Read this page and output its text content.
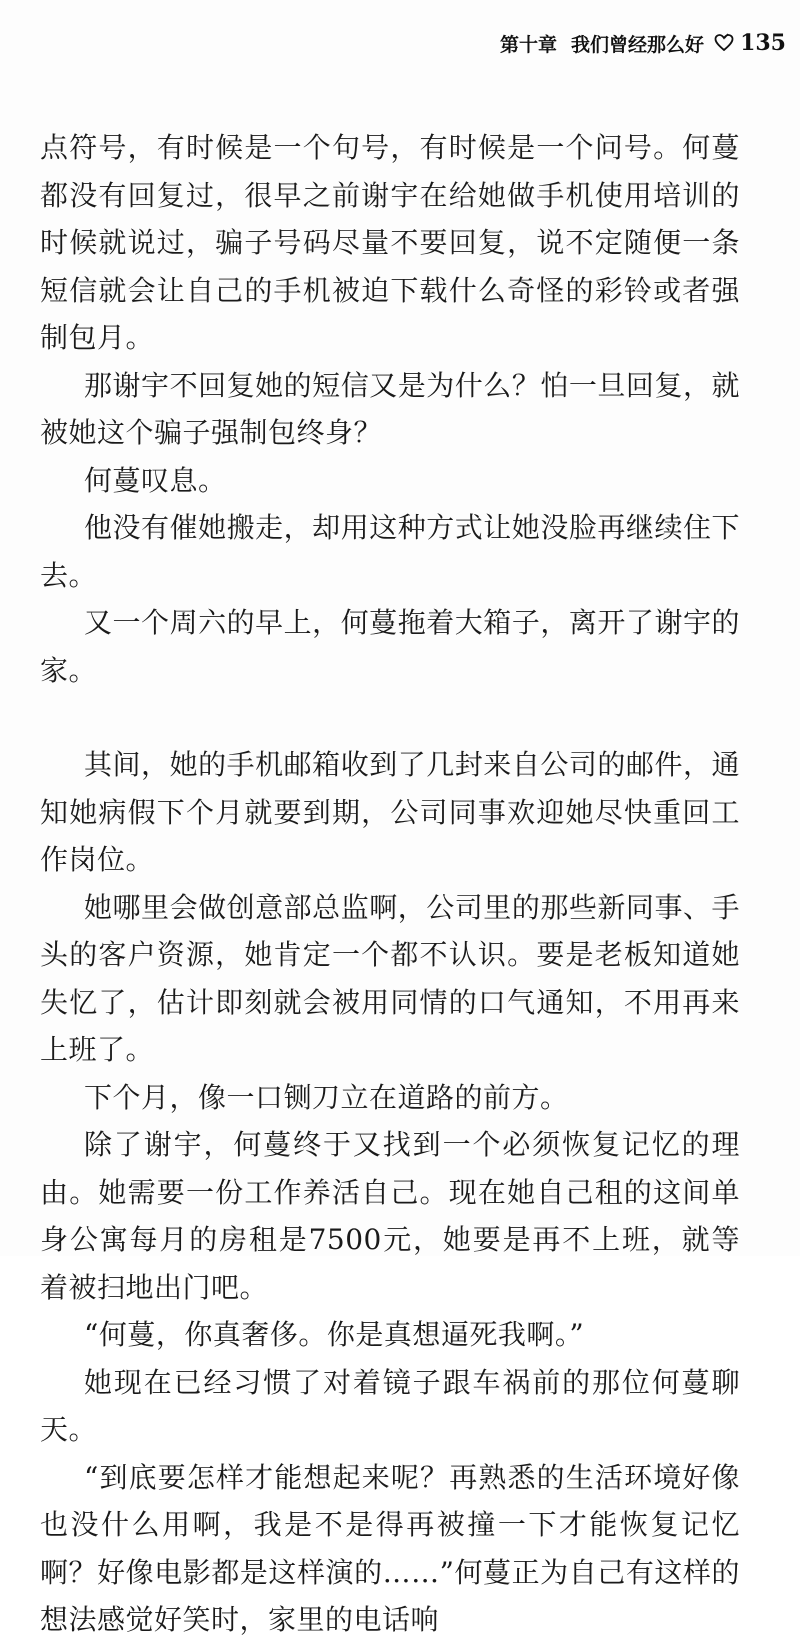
第十章 我们曾经那么好 135

点符号，有时候是一个句号，有时候是一个问号。何蔓都没有回复过，很早之前谢宇在给她做手机使用培训的时候就说过，骗子号码尽量不要回复，说不定随便一条短信就会让自己的手机被迫下载什么奇怪的彩铃或者强制包月。

那谢宇不回复她的短信又是为什么？怕一旦回复，就被她这个骗子强制包终身？

何蔓叹息。

他没有催她搬走，却用这种方式让她没脸再继续住下去。

又一个周六的早上，何蔓拖着大箱子，离开了谢宇的家。

其间，她的手机邮箱收到了几封来自公司的邮件，通知她病假下个月就要到期，公司同事欢迎她尽快重回工作岗位。

她哪里会做创意部总监啊，公司里的那些新同事、手头的客户资源，她肯定一个都不认识。要是老板知道她失忆了，估计即刻就会被用同情的口气通知，不用再来上班了。

下个月，像一口铡刀立在道路的前方。

除了谢宇，何蔓终于又找到一个必须恢复记忆的理由。她需要一份工作养活自己。现在她自己租的这间单身公寓每月的房租是7500元，她要是再不上班，就等着被扫地出门吧。

“何蔓，你真奢侈。你是真想逼死我啊。”

她现在已经习惯了对着镜子跟车祸前的那位何蔓聊天。

“到底要怎样才能想起来呢？再熟悉的生活环境好像也没什么用啊，我是不是得再被撞一下才能恢复记忆啊？好像电影都是这样演的……”何蔓正为自己有这样的想法感觉好笑时，家里的电话响
